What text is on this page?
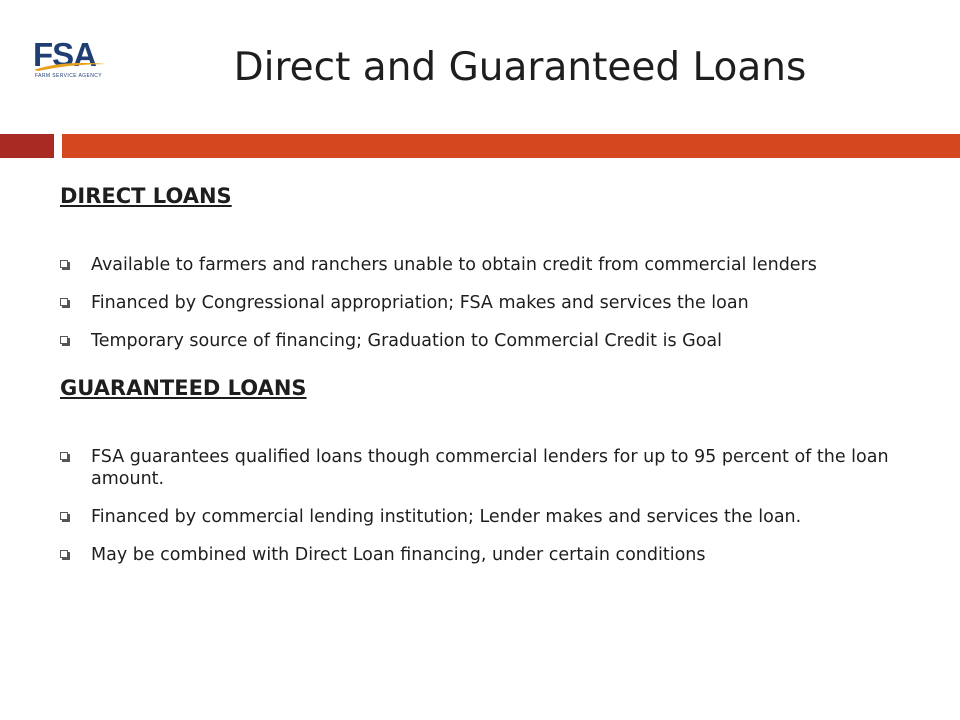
FSA
FARM SERVICE AGENCY	Direct and Guaranteed Loans
DIRECT LOANS
Available to farmers and ranchers unable to obtain credit from commercial lenders
Financed by Congressional appropriation; FSA makes and services the loan
Temporary source of financing; Graduation to Commercial Credit is Goal
GUARANTEED LOANS
FSA guarantees qualified loans though commercial lenders for up to 95 percent of the loan amount.
Financed by commercial lending institution; Lender makes and services the loan.
May be combined with Direct Loan financing, under certain conditions
